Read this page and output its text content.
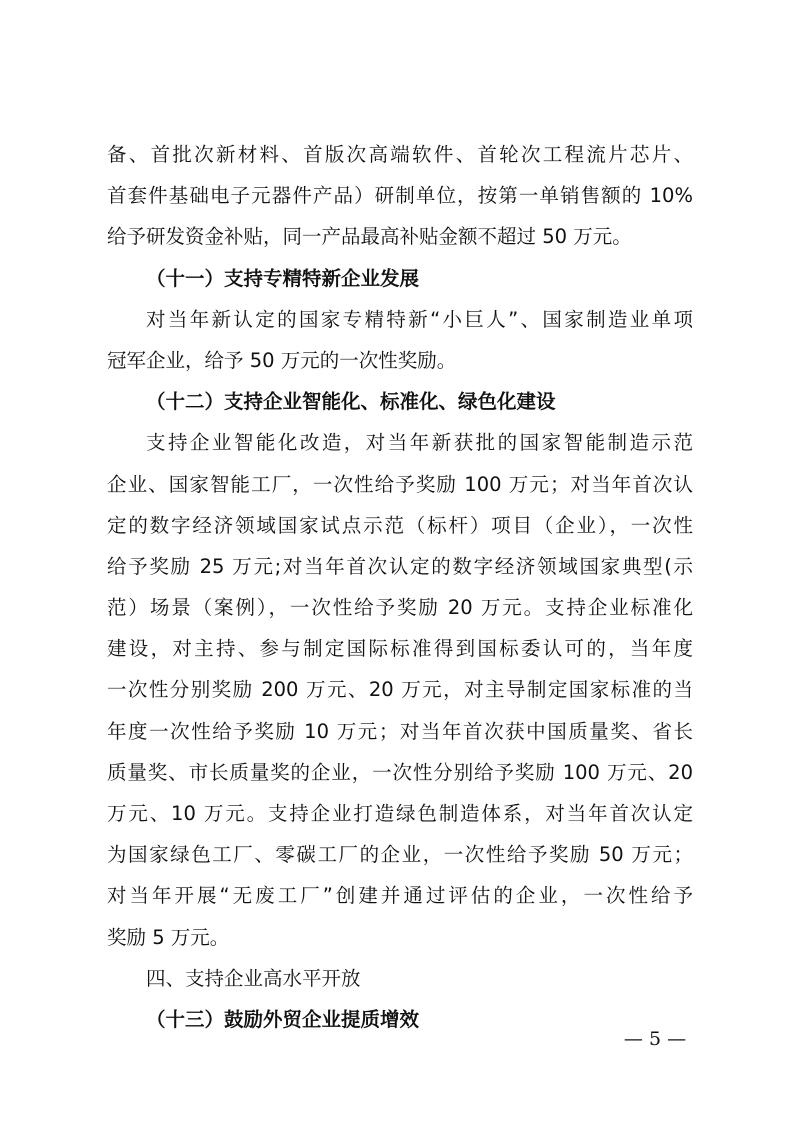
备、首批次新材料、首版次高端软件、首轮次工程流片芯片、
首套件基础电子元器件产品）研制单位，按第一单销售额的 10%
给予研发资金补贴，同一产品最高补贴金额不超过 50 万元。
（十一）支持专精特新企业发展
对当年新认定的国家专精特新“小巨人”、国家制造业单项
冠军企业，给予 50 万元的一次性奖励。
（十二）支持企业智能化、标准化、绿色化建设
支持企业智能化改造，对当年新获批的国家智能制造示范
企业、国家智能工厂，一次性给予奖励 100 万元；对当年首次认
定的数字经济领域国家试点示范（标杆）项目（企业），一次性
给予奖励 25 万元;对当年首次认定的数字经济领域国家典型(示
范）场景（案例），一次性给予奖励 20 万元。支持企业标准化
建设，对主持、参与制定国际标准得到国标委认可的，当年度
一次性分别奖励 200 万元、20 万元，对主导制定国家标准的当
年度一次性给予奖励 10 万元；对当年首次获中国质量奖、省长
质量奖、市长质量奖的企业，一次性分别给予奖励 100 万元、20
万元、10 万元。支持企业打造绿色制造体系，对当年首次认定
为国家绿色工厂、零碳工厂的企业，一次性给予奖励 50 万元；
对当年开展“无废工厂”创建并通过评估的企业，一次性给予
奖励 5 万元。
四、支持企业高水平开放
（十三）鼓励外贸企业提质增效
— 5 —
